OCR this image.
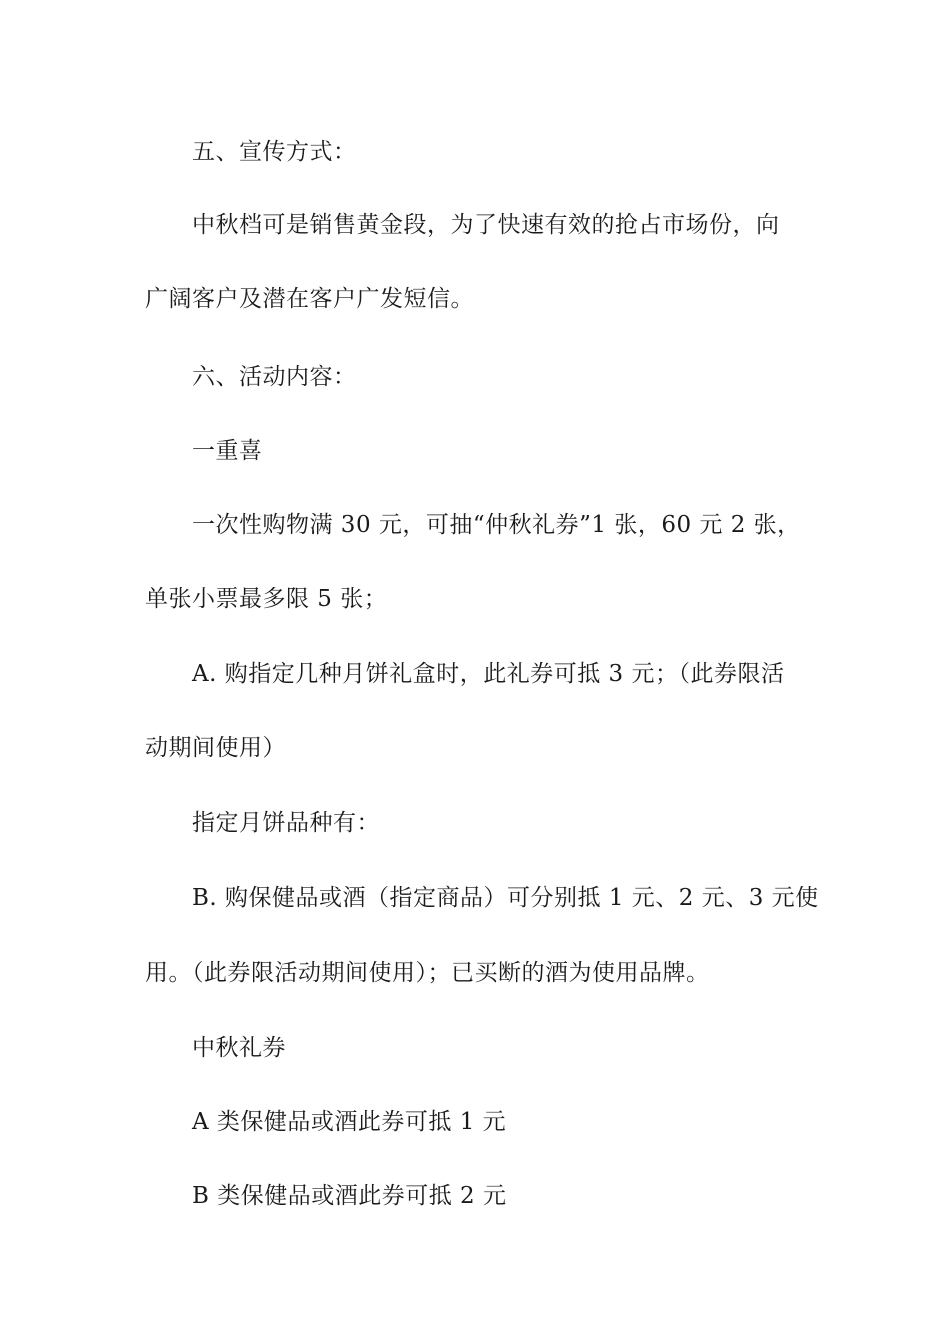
五、宣传方式：
中秋档可是销售黄金段，为了快速有效的抢占市场份，向
广阔客户及潜在客户广发短信。
六、活动内容：
一重喜
一次性购物满 30 元，可抽“仲秋礼券”1 张，60 元 2 张，
单张小票最多限 5 张；
A. 购指定几种月饼礼盒时，此礼券可抵 3 元；（此券限活
动期间使用）
指定月饼品种有：
B. 购保健品或酒（指定商品）可分别抵 1 元、2 元、3 元使
用。（此券限活动期间使用）；已买断的酒为使用品牌。
中秋礼券
A 类保健品或酒此券可抵 1 元
B 类保健品或酒此券可抵 2 元
